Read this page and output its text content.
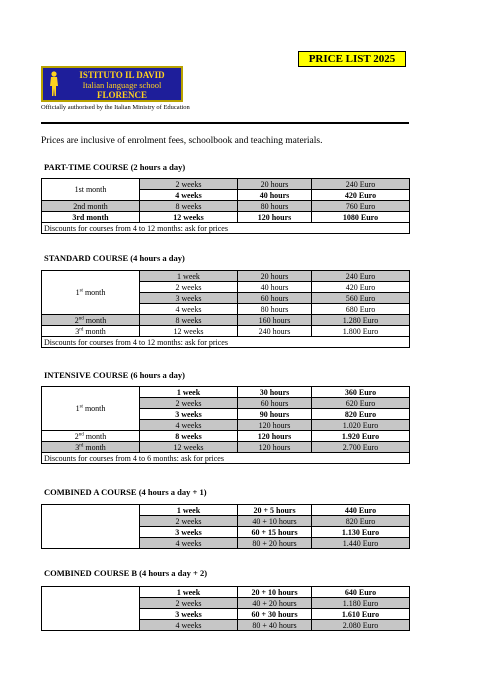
PRICE LIST 2025
ISTITUTO IL DAVID
Italian language school
FLORENCE
Officially authorised by the Italian Ministry of Education
Prices are inclusive of enrolment fees, schoolbook and teaching materials.
PART-TIME COURSE (2 hours a day)
1st month	2 weeks	20 hours	240 Euro
	4 weeks	40 hours	420 Euro
2nd month	8 weeks	80 hours	760 Euro
3rd month	12 weeks	120 hours	1080 Euro
Discounts for courses from 4 to 12 months: ask for prices			
STANDARD COURSE (4 hours a day)
1st month	1 week	20 hours	240 Euro
	2 weeks	40 hours	420 Euro
	3 weeks	60 hours	560 Euro
	4 weeks	80 hours	680 Euro
2nd month	8 weeks	160 hours	1.280 Euro
3rd month	12 weeks	240 hours	1.800 Euro
Discounts for courses from 4 to 12 months: ask for prices			
INTENSIVE COURSE (6 hours a day)
1st month	1 week	30 hours	360 Euro
	2 weeks	60 hours	620 Euro
	3 weeks	90 hours	820 Euro
	4 weeks	120 hours	1.020 Euro
2nd month	8 weeks	120 hours	1.920 Euro
3rd month	12 weeks	120 hours	2.700 Euro
Discounts for courses from 4 to 6 months: ask for prices			
COMBINED A COURSE (4 hours a day + 1)
	1 week	20 + 5 hours	440 Euro
	2 weeks	40 + 10 hours	820 Euro
	3 weeks	60 + 15 hours	1.130 Euro
	4 weeks	80 + 20 hours	1.440 Euro
COMBINED COURSE B (4 hours a day + 2)
	1 week	20 + 10 hours	640 Euro
	2 weeks	40 + 20 hours	1.180 Euro
	3 weeks	60 + 30 hours	1.610 Euro
	4 weeks	80 + 40 hours	2.080 Euro
